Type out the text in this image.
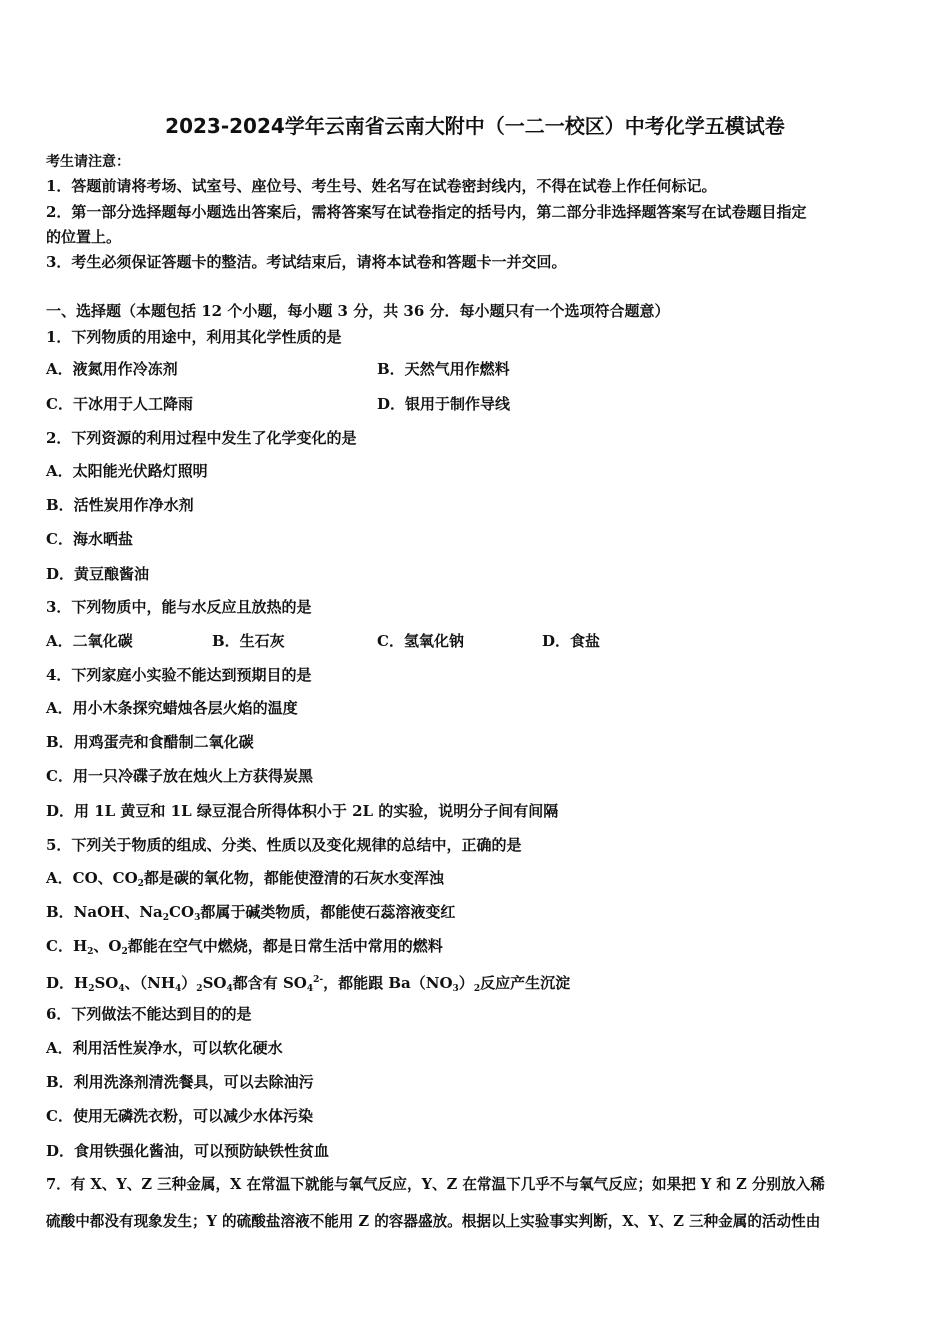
2023-2024学年云南省云南大附中（一二一校区）中考化学五模试卷
考生请注意：
1．答题前请将考场、试室号、座位号、考生号、姓名写在试卷密封线内，不得在试卷上作任何标记。
2．第一部分选择题每小题选出答案后，需将答案写在试卷指定的括号内，第二部分非选择题答案写在试卷题目指定
的位置上。
3．考生必须保证答题卡的整洁。考试结束后，请将本试卷和答题卡一并交回。
一、选择题（本题包括 12 个小题，每小题 3 分，共 36 分．每小题只有一个选项符合题意）
1．下列物质的用途中，利用其化学性质的是
A．液氮用作冷冻剂	B．天然气用作燃料
C．干冰用于人工降雨	D．银用于制作导线
2．下列资源的利用过程中发生了化学变化的是
A．太阳能光伏路灯照明
B．活性炭用作净水剂
C．海水晒盐
D．黄豆酿酱油
3．下列物质中，能与水反应且放热的是
A．二氧化碳	B．生石灰	C．氢氧化钠	D．食盐
4．下列家庭小实验不能达到预期目的是
A．用小木条探究蜡烛各层火焰的温度
B．用鸡蛋壳和食醋制二氧化碳
C．用一只冷碟子放在烛火上方获得炭黑
D．用 1L 黄豆和 1L 绿豆混合所得体积小于 2L 的实验，说明分子间有间隔
5．下列关于物质的组成、分类、性质以及变化规律的总结中，正确的是
A．CO、$CO_2$都是碳的氧化物，都能使澄清的石灰水变浑浊
B．NaOH、$Na_2CO_3$都属于碱类物质，都能使石蕊溶液变红
C．$H_2$、$O_2$都能在空气中燃烧，都是日常生活中常用的燃料
D．$H_2SO_4$、$(NH_4)_2SO_4$都含有 $SO_4^{2-}$，都能跟 $Ba(NO_3)_2$反应产生沉淀
6．下列做法不能达到目的的是
A．利用活性炭净水，可以软化硬水
B．利用洗涤剂清洗餐具，可以去除油污
C．使用无磷洗衣粉，可以减少水体污染
D．食用铁强化酱油，可以预防缺铁性贫血
7．有 X、Y、Z 三种金属，X 在常温下就能与氧气反应，Y、Z 在常温下几乎不与氧气反应；如果把 Y 和 Z 分别放入稀
硫酸中都没有现象发生；Y 的硫酸盐溶液不能用 Z 的容器盛放。根据以上实验事实判断，X、Y、Z 三种金属的活动性由
